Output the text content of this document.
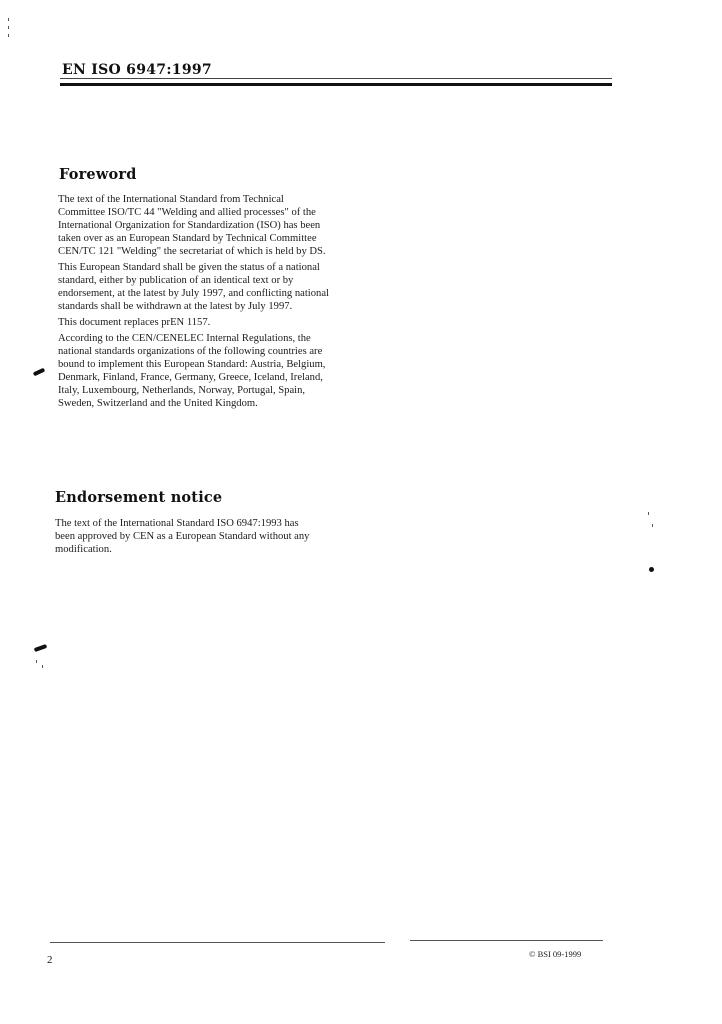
EN ISO 6947:1997
Foreword

The text of the International Standard from Technical Committee ISO/TC 44 "Welding and allied processes" of the International Organization for Standardization (ISO) has been taken over as an European Standard by Technical Committee CEN/TC 121 "Welding" the secretariat of which is held by DS.

This European Standard shall be given the status of a national standard, either by publication of an identical text or by endorsement, at the latest by July 1997, and conflicting national standards shall be withdrawn at the latest by July 1997.

This document replaces prEN 1157.

According to the CEN/CENELEC Internal Regulations, the national standards organizations of the following countries are bound to implement this European Standard: Austria, Belgium, Denmark, Finland, France, Germany, Greece, Iceland, Ireland, Italy, Luxembourg, Netherlands, Norway, Portugal, Spain, Sweden, Switzerland and the United Kingdom.

Endorsement notice

The text of the International Standard ISO 6947:1993 has been approved by CEN as a European Standard without any modification.

2	© BSI 09-1999
